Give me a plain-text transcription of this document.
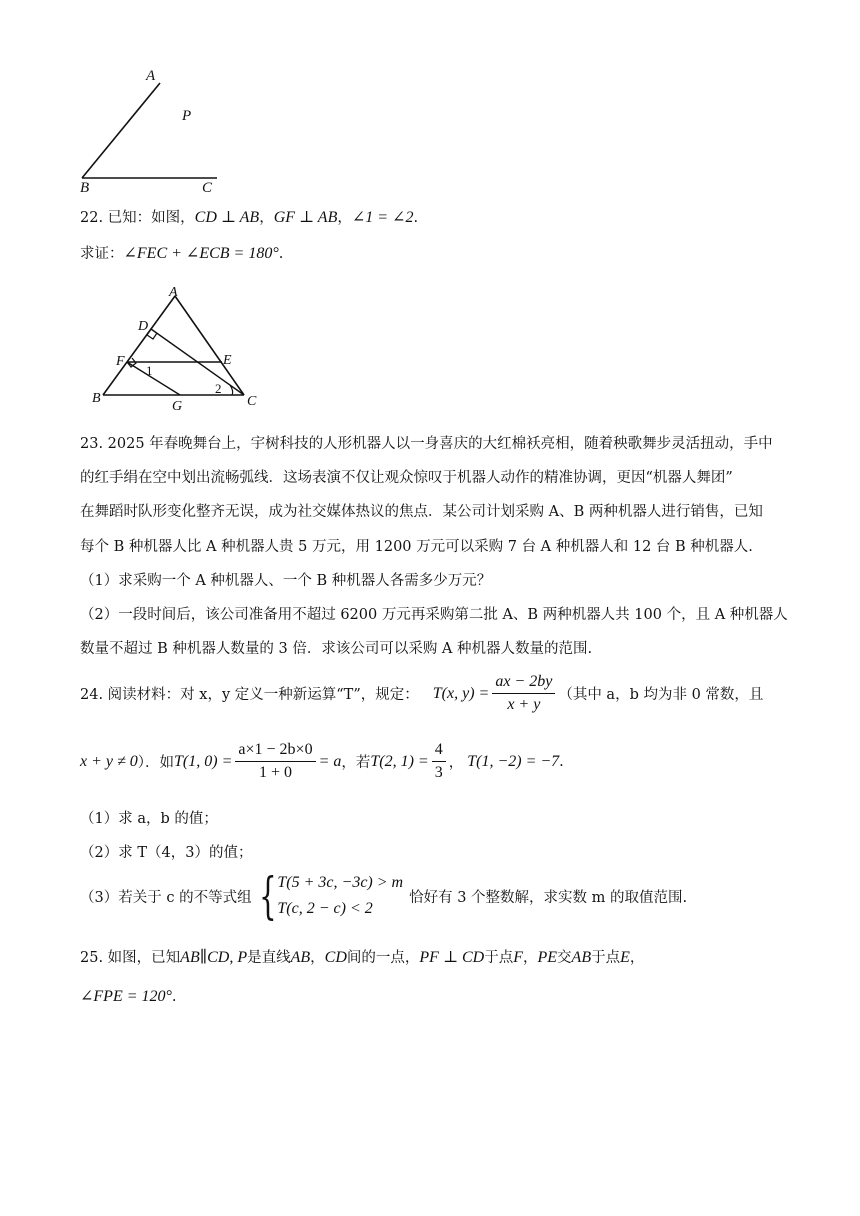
A
P
B	C
22. 已知：如图，CD ⊥ AB，GF ⊥ AB，∠1 = ∠2.
求证：∠FEC + ∠ECB = 180°.
A
D
F	E
B
G	C
1
2
23. 2025 年春晚舞台上，宇树科技的人形机器人以一身喜庆的大红棉袄亮相，随着秧歌舞步灵活扭动，手中
的红手绢在空中划出流畅弧线．这场表演不仅让观众惊叹于机器人动作的精准协调，更因“机器人舞团”
在舞蹈时队形变化整齐无误，成为社交媒体热议的焦点．某公司计划采购 A、B 两种机器人进行销售，已知
每个 B 种机器人比 A 种机器人贵 5 万元，用 1200 万元可以采购 7 台 A 种机器人和 12 台 B 种机器人.
（1）求采购一个 A 种机器人、一个 B 种机器人各需多少万元？
（2）一段时间后，该公司准备用不超过 6200 万元再采购第二批 A、B 两种机器人共 100 个，且 A 种机器人
数量不超过 B 种机器人数量的 3 倍．求该公司可以采购 A 种机器人数量的范围.
24. 阅读材料：对 x，y 定义一种新运算“T”，规定： T(x, $y) = \frac{ax - 2by}{x + y}$ （其中 a，b 均为非 0 常数，且
x + y ≠ 0 ）．如 T(1, $0) = \frac{a\times 1 - 2b\times 0}{1 + 0} = a$ ，若 T(2, $1) = \frac{4}{3}$ ， T(1, −2) = −7 .
（1）求 a，b 的值；
（2）求 T（4，3）的值；
（3）若关于 c 的不等式组 { T(5 + 3c, −3c) > m
T(c, 2 − c) < 2
恰好有 3 个整数解，求实数 m 的取值范围.
25. 如图，已知AB∥CD, P是直线AB，CD间的一点，PF ⊥ CD于点F，PE交AB于点E，
∠FPE = 120°.
